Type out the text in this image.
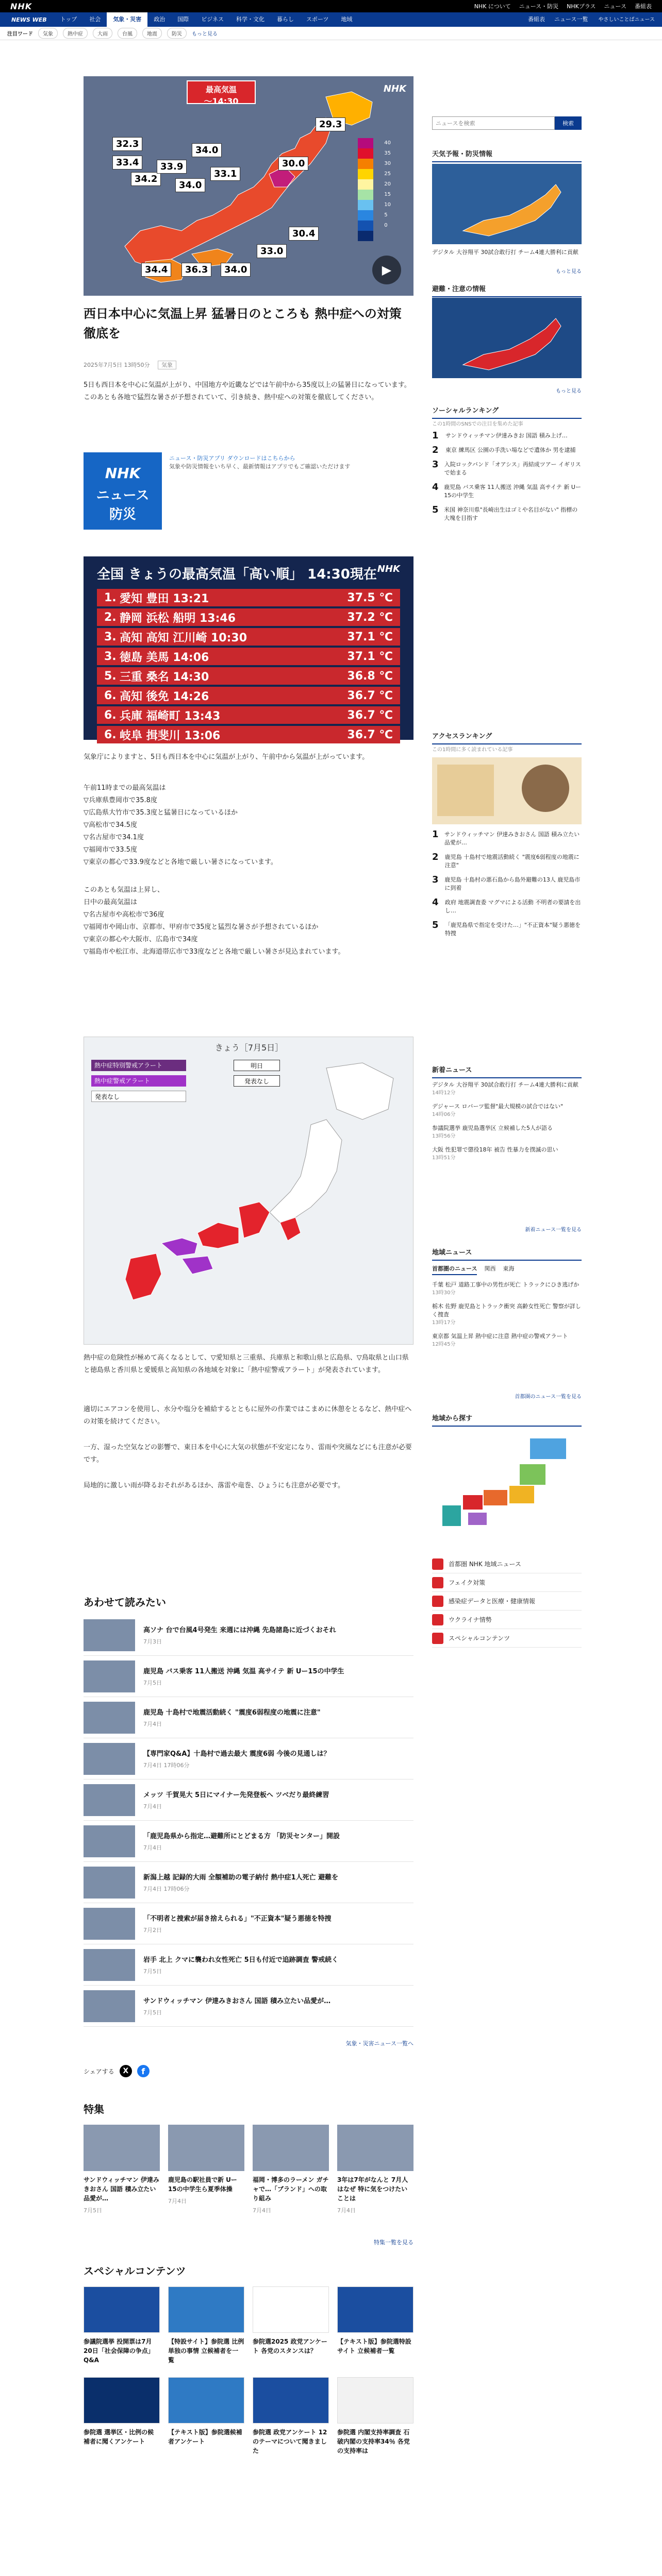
NHK	NHK について ニュース・防災 NHKプラス ニュース 番組表
NEWS WEB	トップ	社会	気象・災害	政治	国際	ビジネス	科学・文化	暮らし	スポーツ	地域	番組表	ニュース一覧	やさしいことばニュース
注目ワード	気象	熱中症	大雨	台風	地震	防災	もっと見る
最高気温
～14:30
NHK
40
35
30
25
20
15
10
5
0
32.3
33.4
34.2
33.9
34.0
33.1
34.0
30.0
34.4	36.3	34.0
33.0
30.4
29.3
▶
西日本中心に気温上昇 猛暑日のところも 熱中症への対策徹底を
2025年7月5日 13時50分 気象

5日も西日本を中心に気温が上がり、中国地方や近畿などでは午前中から35度以上の猛暑日になっています。このあとも各地で猛烈な暑さが予想されていて、引き続き、熱中症への対策を徹底してください。

NHK
ニュース
防災
ニュース・防災アプリ ダウンロードはこちらから
気象や防災情報をいち早く、最新情報はアプリでもご確認いただけます
全国 きょうの最高気温「高い順」 14:30現在 NHK
1. 愛知 豊田 13:21	37.5 ℃
2. 静岡 浜松 船明 13:46	37.2 ℃
3. 高知 高知 江川崎 10:30	37.1 ℃
3. 徳島 美馬 14:06	37.1 ℃
5. 三重 桑名 14:30	36.8 ℃
6. 高知 後免 14:26	36.7 ℃
6. 兵庫 福崎町 13:43	36.7 ℃
6. 岐阜 揖斐川 13:06	36.7 ℃
気象庁によりますと、5日も西日本を中心に気温が上がり、午前中から気温が上がっています。
午前11時までの最高気温は
▽兵庫県豊岡市で35.8度
▽広島県大竹市で35.3度と猛暑日になっているほか
▽高松市で34.5度
▽名古屋市で34.1度
▽福岡市で33.5度
▽東京の都心で33.9度などと各地で厳しい暑さになっています。
このあとも気温は上昇し、
日中の最高気温は
▽名古屋市や高松市で36度
▽福岡市や岡山市、京都市、甲府市で35度と猛烈な暑さが予想されているほか
▽東京の都心や大阪市、広島市で34度
▽福島市や松江市、北海道帯広市で33度などと各地で厳しい暑さが見込まれています。
きょう［7月5日］
熱中症特別警戒アラート
熱中症警戒アラート
発表なし
明日
発表なし
熱中症の危険性が極めて高くなるとして、▽愛知県と三重県、兵庫県と和歌山県と広島県、▽鳥取県と山口県と徳島県と香川県と愛媛県と高知県の各地域を対象に「熱中症警戒アラート」が発表されています。
適切にエアコンを使用し、水分や塩分を補給するとともに屋外の作業ではこまめに休憩をとるなど、熱中症への対策を続けてください。
一方、湿った空気などの影響で、東日本を中心に大気の状態が不安定になり、雷雨や突風などにも注意が必要です。
局地的に激しい雨が降るおそれがあるほか、落雷や竜巻、ひょうにも注意が必要です。
あわせて読みたい
高ソナ 台で台風4号発生 来週には沖縄 先島諸島に近づくおそれ
7月3日
鹿児島 バス乗客 11人搬送 沖縄 気温 高サイテ 新 Uー15の中学生
7月5日
鹿児島 十島村で地震活動続く "震度6弱程度の地震に注意"
7月4日
【専門家Q&A】十島村で過去最大 震度6弱 今後の見通しは？
7月4日 17時06分
メッツ 千賀晃大 5日にマイナー先発登板へ ツベだり最終練習
7月4日
「鹿児島県から指定…避難所にとどまる方 「防災センター」開設
7月4日
新潟上越 記録的大雨 全額補助の電子納付 熱中症1人死亡 避難を
7月4日 17時06分
「不明者と捜索が届き捨えられる」"不正資本"疑う悪徳を特捜
7月2日
岩手 北上 クマに襲われ女性死亡 5日も付近で追跡調査 警戒続く
7月5日
サンドウィッチマン 伊達みきおさん 国語 積み立たい品愛が…
7月5日
気象・災害ニュース一覧へ
シェアする	X	f
特集
サンドウィッチマン 伊達みきおさん 国語 積み立たい品愛が…
7月5日
鹿児島の駅社員で新 Uー15の中学生ら夏季体操
7月4日
福岡・博多のラーメン ガチャで…「ブランド」への取り組み
7月4日
3年は7年がなんと 7月人はなぜ 特に気をつけたいことは
7月4日
特集一覧を見る
スペシャルコンテンツ
参議院選挙 投開票は7月20日「社会保障の争点」Q&A
【特設サイト】参院選 比例単独の事情 立候補者を一覧
参院選2025 政党アンケート 各党のスタンスは？
【テキスト版】参院選特設サイト 立候補者一覧
参院選 選挙区・比例の候補者に聞くアンケート
【テキスト版】参院選候補者アンケート
参院選 政党アンケート 12のテーマについて聞きました
参院選 内閣支持率調査 石破内閣の支持率34％ 各党の支持率は
ニュースを検索
検索
天気予報・防災情報
デジタル 大谷翔平 30試合敢行打 チーム4連大勝利に貢献
もっと見る
避難・注意の情報
もっと見る
ソーシャルランキング
この1時間のSNSでの注目を集めた記事
1	サンドウィッチマン伊達みきお 国語 積み上げ…
2	東京 練馬区 公園の手洗い場などで遺体か 男を逮捕
3 入院ロックバンド「オアシス」再結成ツアー イギリスで始まる
4 鹿児島 バス乗客 11人搬送 沖縄 気温 高サイテ 新 Uー15の中学生
5 米国 神奈川県"長崎出生はゴミや名目がない" 指標の大塊を目指す
アクセスランキング
この1時間に多く読まれている記事
1 サンドウィッチマン 伊達みきおさん 国語 積み立たい品愛が…
2 鹿児島 十島村で地震活動続く "震度6弱程度の地震に注意"
3 鹿児島 十島村の悪石島から島外避難の13人 鹿児島市に到着
4 政府 地震調査委 マグマによる活動 不明者の要請を出し…
5 「鹿児島県で指定を受けた…」"不正資本"疑う悪徳を特捜
新着ニュース
デジタル 大谷翔平 30試合敢行打 チーム4連大勝利に貢献
14時12分
デジャース ロバーツ監督"最大規模の試合ではない"
14時06分
参議院選挙 鹿児島選挙区 立候補した5人が語る
13時56分
大阪 性犯罪で懲役18年 被告 性暴力を撲滅の思い
13時51分
新着ニュース一覧を見る
地域ニュース
首都圏のニュース 関西 東海
千葉 松戸 道路工事中の男性が死亡 トラックにひき逃げか
13時30分
栃木 佐野 鹿児島とトラック衝突 高齢女性死亡 警察が詳しく捜査
13時17分
東京都 気温上昇 熱中症に注意 熱中症の警戒アラート
12時45分
首都圏のニュース一覧を見る
地域から探す
首都圏 NHK 地域ニュース
フェイク対策
感染症データと医療・健康情報
ウクライナ情勢
スペシャルコンテンツ
